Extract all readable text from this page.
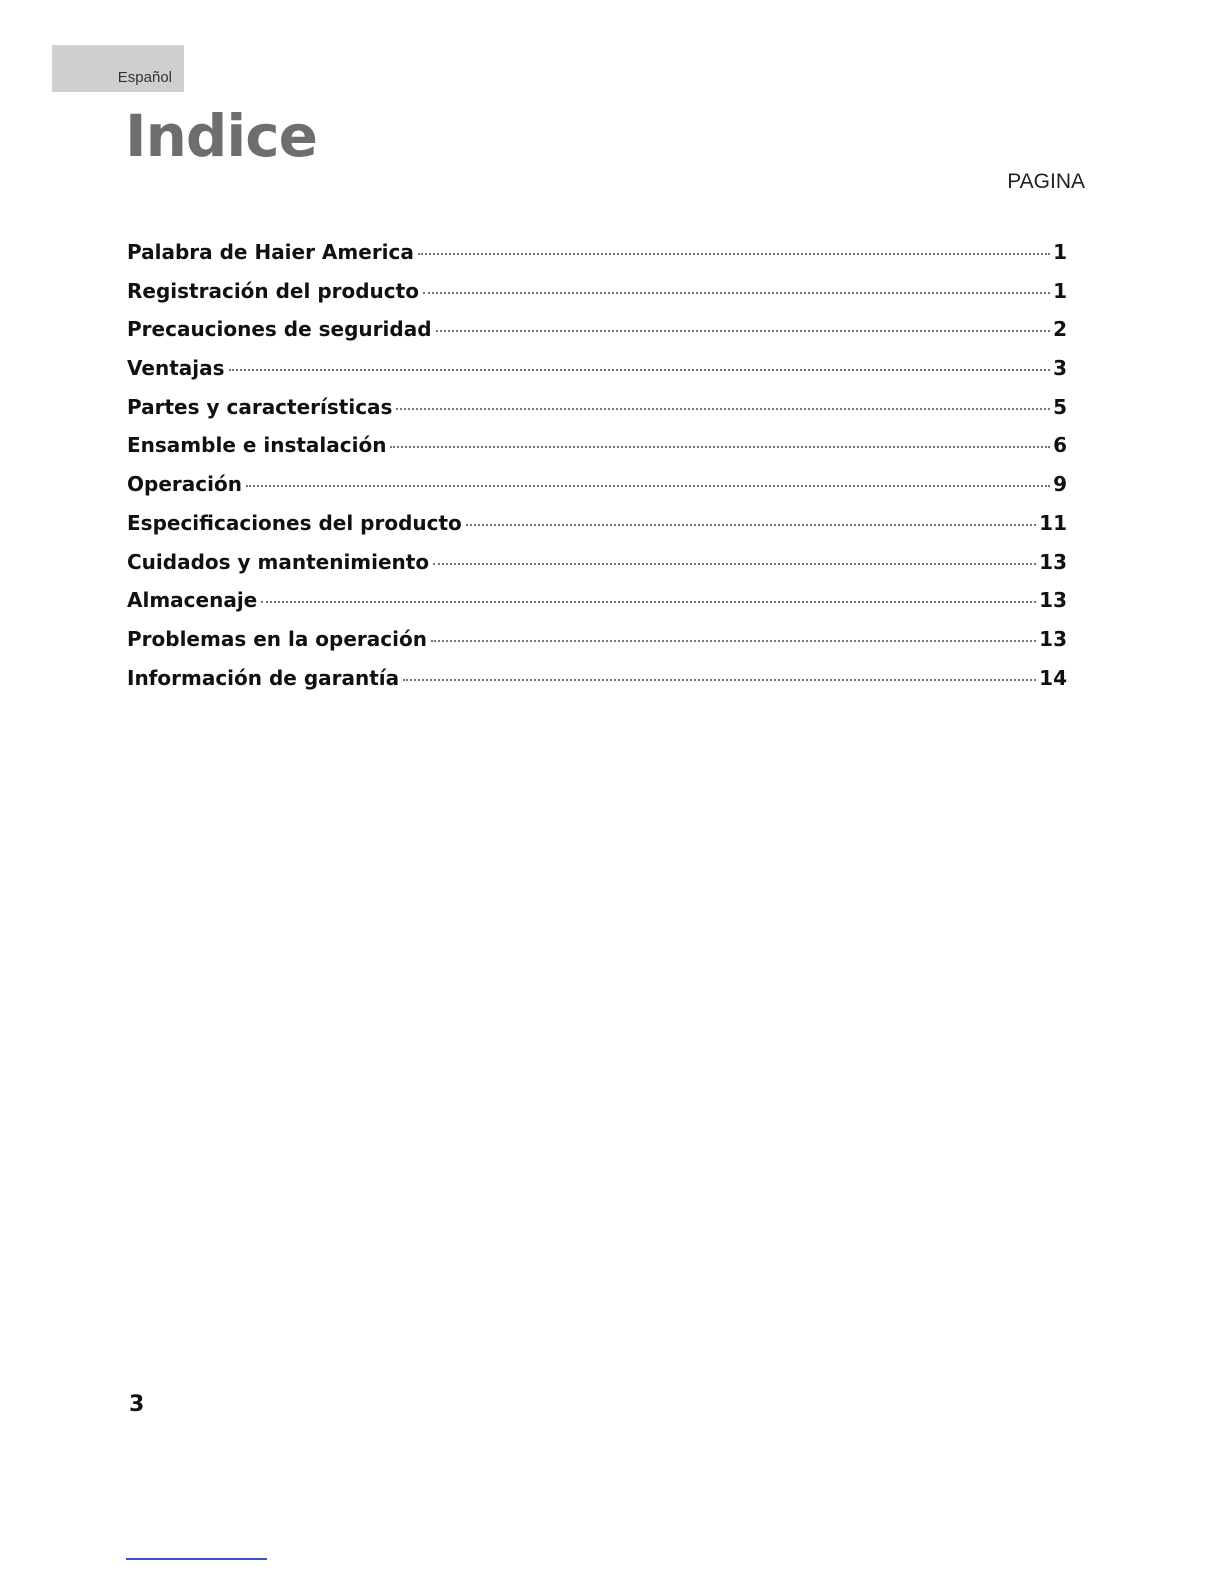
Español
Indice
PAGINA
Palabra de Haier America	1
Registración del producto	1
Precauciones de seguridad	2
Ventajas	3
Partes y características	5
Ensamble e instalación	6
Operación	9
Especificaciones del producto	11
Cuidados y mantenimiento	13
Almacenaje	13
Problemas en la operación	13
Información de garantía	14
3
